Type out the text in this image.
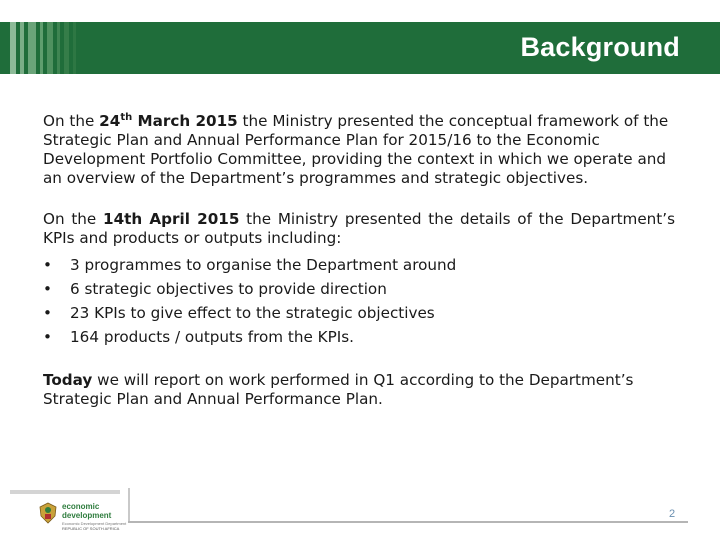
Background

On the 24th March 2015 the Ministry presented the conceptual framework of the Strategic Plan and Annual Performance Plan for 2015/16 to the Economic Development Portfolio Committee, providing the context in which we operate and an overview of the Department’s programmes and strategic objectives.

On the 14th April 2015 the Ministry presented the details of the Department’s KPIs and products or outputs including:
• 3 programmes to organise the Department around
• 6 strategic objectives to provide direction
• 23 KPIs to give effect to the strategic objectives
• 164 products / outputs from the KPIs.

Today we will report on work performed in Q1 according to the Department’s Strategic Plan and Annual Performance Plan.

economic
development
Economic Development Department
REPUBLIC OF SOUTH AFRICA
2
